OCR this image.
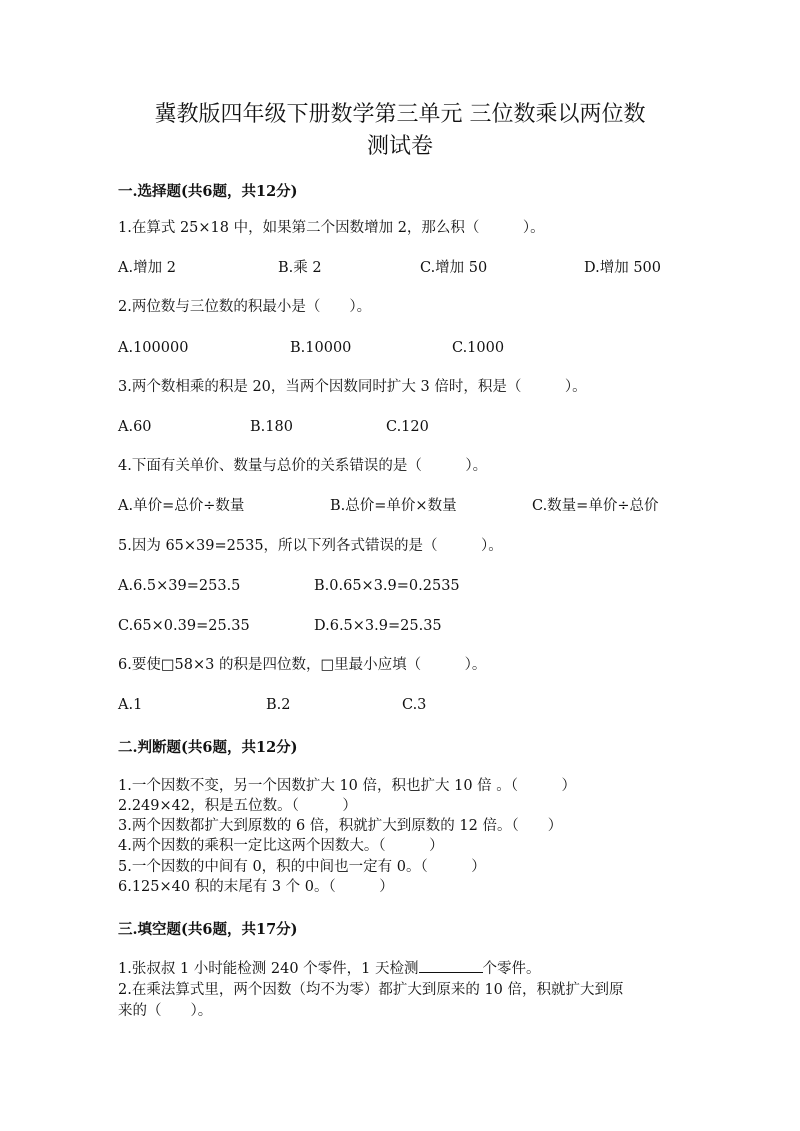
冀教版四年级下册数学第三单元 三位数乘以两位数
测试卷
一.选择题(共6题，共12分)
1.在算式 25×18 中，如果第二个因数增加 2，那么积（　　　）。
A.增加 2	B.乘 2	C.增加 50	D.增加 500
2.两位数与三位数的积最小是（　　）。
A.100000	B.10000	C.1000
3.两个数相乘的积是 20，当两个因数同时扩大 3 倍时，积是（　　　）。
A.60	B.180	C.120
4.下面有关单价、数量与总价的关系错误的是（　　　）。
A.单价=总价÷数量	B.总价=单价×数量	C.数量=单价÷总价
5.因为 65×39=2535，所以下列各式错误的是（　　　）。
A.6.5×39=253.5	B.0.65×3.9=0.2535
C.65×0.39=25.35	D.6.5×3.9=25.35
6.要使□58×3 的积是四位数，□里最小应填（　　　）。
A.1	B.2	C.3
二.判断题(共6题，共12分)
1.一个因数不变，另一个因数扩大 10 倍，积也扩大 10 倍 。（　　　）
2.249×42，积是五位数。（　　　）
3.两个因数都扩大到原数的 6 倍，积就扩大到原数的 12 倍。（　　）
4.两个因数的乘积一定比这两个因数大。（　　　）
5.一个因数的中间有 0，积的中间也一定有 0。（　　　）
6.125×40 积的末尾有 3 个 0。（　　　）
三.填空题(共6题，共17分)
1.张叔叔 1 小时能检测 240 个零件，1 天检测	个零件。
2.在乘法算式里，两个因数（均不为零）都扩大到原来的 10 倍，积就扩大到原
来的（　　）。
